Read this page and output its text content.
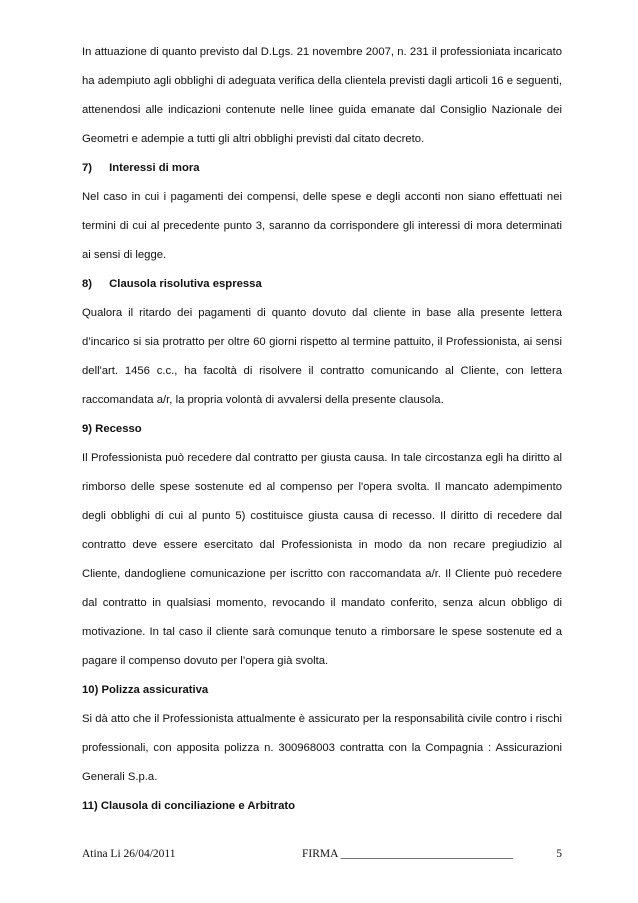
In attuazione di quanto previsto dal D.Lgs. 21 novembre 2007, n. 231 il professioniata incaricato ha adempiuto agli obblighi di adeguata verifica della clientela previsti dagli articoli 16 e seguenti, attenendosi alle indicazioni contenute nelle linee guida emanate dal Consiglio Nazionale dei Geometri e adempie a tutti gli altri obblighi previsti dal citato decreto.

7) Interessi di mora

Nel caso in cui i pagamenti dei compensi, delle spese e degli acconti non siano effettuati nei termini di cui al precedente punto 3, saranno da corrispondere gli interessi di mora determinati ai sensi di legge.

8) Clausola risolutiva espressa

Qualora il ritardo dei pagamenti di quanto dovuto dal cliente in base alla presente lettera d’incarico si sia protratto per oltre 60 giorni rispetto al termine pattuito, il Professionista, ai sensi dell'art. 1456 c.c., ha facoltà di risolvere il contratto comunicando al Cliente, con lettera raccomandata a/r, la propria volontà di avvalersi della presente clausola.

9) Recesso

Il Professionista può recedere dal contratto per giusta causa. In tale circostanza egli ha diritto al rimborso delle spese sostenute ed al compenso per l'opera svolta. Il mancato adempimento degli obblighi di cui al punto 5) costituisce giusta causa di recesso. Il diritto di recedere dal contratto deve essere esercitato dal Professionista in modo da non recare pregiudizio al Cliente, dandogliene comunicazione per iscritto con raccomandata a/r. Il Cliente può recedere dal contratto in qualsiasi momento, revocando il mandato conferito, senza alcun obbligo di motivazione. In tal caso il cliente sarà comunque tenuto a rimborsare le spese sostenute ed a pagare il compenso dovuto per l’opera già svolta.

10) Polizza assicurativa

Si dà atto che il Professionista attualmente è assicurato per la responsabilità civile contro i rischi professionali, con apposita polizza n. 300968003 contratta con la Compagnia : Assicurazioni Generali S.p.a.

11) Clausola di conciliazione e Arbitrato

Atina Li 26/04/2011	FIRMA ______________________________	5
